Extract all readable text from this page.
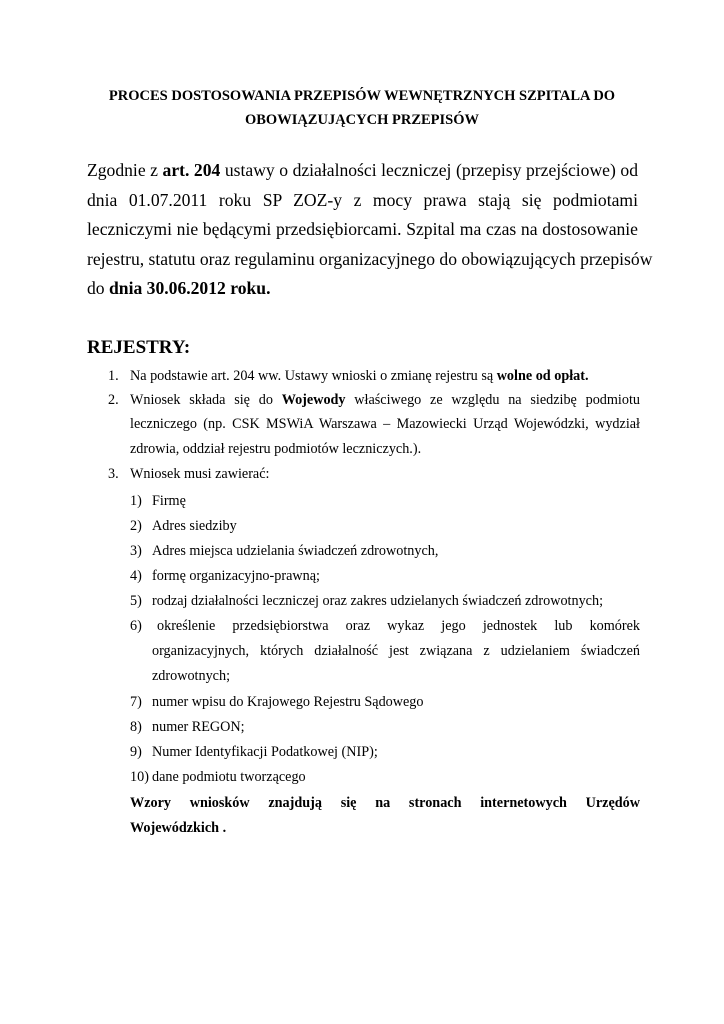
PROCES DOSTOSOWANIA PRZEPISÓW WEWNĘTRZNYCH SZPITALA DO
OBOWIĄZUJĄCYCH PRZEPISÓW
Zgodnie z art. 204 ustawy o działalności leczniczej (przepisy przejściowe) od
dnia 01.07.2011 roku SP ZOZ-y z mocy prawa stają się podmiotami
leczniczymi nie będącymi przedsiębiorcami. Szpital ma czas na dostosowanie
rejestru, statutu oraz regulaminu organizacyjnego do obowiązujących przepisów
do dnia 30.06.2012 roku.
REJESTRY:
1. Na podstawie art. 204 ww. Ustawy wnioski o zmianę rejestru są wolne od opłat.
2. Wniosek składa się do Wojewody właściwego ze względu na siedzibę podmiotu
leczniczego (np. CSK MSWiA Warszawa – Mazowiecki Urząd Wojewódzki, wydział
zdrowia, oddział rejestru podmiotów leczniczych.).
3. Wniosek musi zawierać:
1) Firmę
2) Adres siedziby
3) Adres miejsca udzielania świadczeń zdrowotnych,
4) formę organizacyjno-prawną;
5) rodzaj działalności leczniczej oraz zakres udzielanych świadczeń zdrowotnych;
6) określenie przedsiębiorstwa oraz wykaz jego jednostek lub komórek
organizacyjnych, których działalność jest związana z udzielaniem świadczeń
zdrowotnych;
7) numer wpisu do Krajowego Rejestru Sądowego
8) numer REGON;
9) Numer Identyfikacji Podatkowej (NIP);
10) dane podmiotu tworzącego
Wzory wniosków znajdują się na stronach internetowych Urzędów
Wojewódzkich .
